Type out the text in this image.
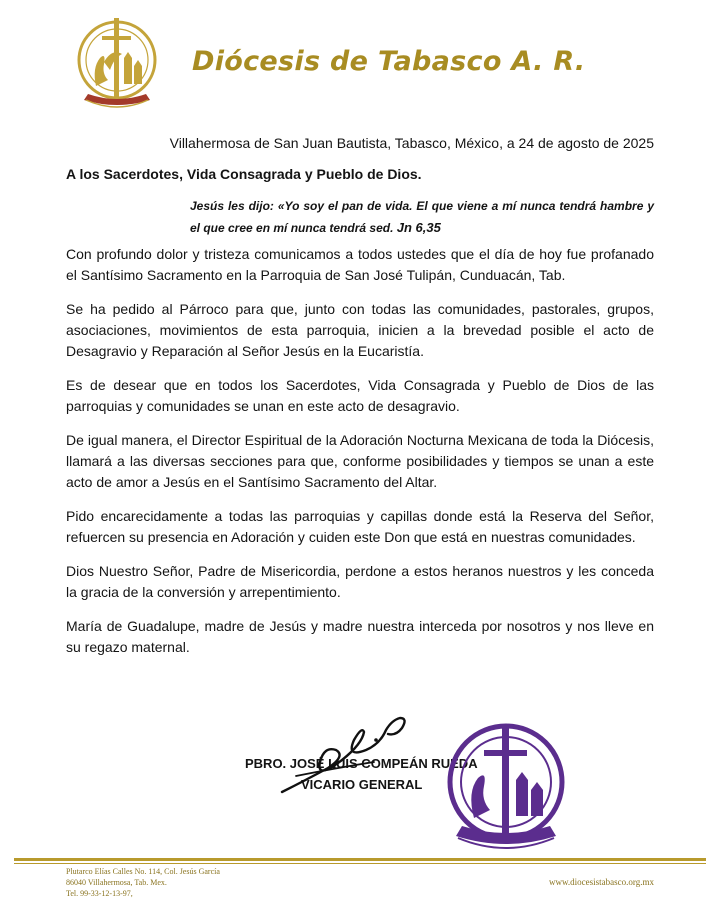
Diócesis de Tabasco A. R.
Villahermosa de San Juan Bautista, Tabasco, México, a 24 de agosto de 2025
A los Sacerdotes, Vida Consagrada y Pueblo de Dios.
Jesús les dijo: «Yo soy el pan de vida. El que viene a mí nunca tendrá hambre y el que cree en mí nunca tendrá sed. Jn 6,35

Con profundo dolor y tristeza comunicamos a todos ustedes que el día de hoy fue profanado el Santísimo Sacramento en la Parroquia de San José Tulipán, Cunduacán, Tab.

Se ha pedido al Párroco para que, junto con todas las comunidades, pastorales, grupos, asociaciones, movimientos de esta parroquia, inicien a la brevedad posible el acto de Desagravio y Reparación al Señor Jesús en la Eucaristía.

Es de desear que en todos los Sacerdotes, Vida Consagrada y Pueblo de Dios de las parroquias y comunidades se unan en este acto de desagravio.

De igual manera, el Director Espiritual de la Adoración Nocturna Mexicana de toda la Diócesis, llamará a las diversas secciones para que, conforme posibilidades y tiempos se unan a este acto de amor a Jesús en el Santísimo Sacramento del Altar.

Pido encarecidamente a todas las parroquias y capillas donde está la Reserva del Señor, refuercen su presencia en Adoración y cuiden este Don que está en nuestras comunidades.

Dios Nuestro Señor, Padre de Misericordia, perdone a estos heranos nuestros y les conceda la gracia de la conversión y arrepentimiento.

María de Guadalupe, madre de Jesús y madre nuestra interceda por nosotros y nos lleve en su regazo maternal.

PBRO. JOSÉ LUIS COMPEÁN RUEDA
VICARIO GENERAL
Plutarco Elías Calles No. 114, Col. Jesús García
86040 Villahermosa, Tab. Mex.
Tel. 99-33-12-13-97,
www.diocesistabasco.org.mx
